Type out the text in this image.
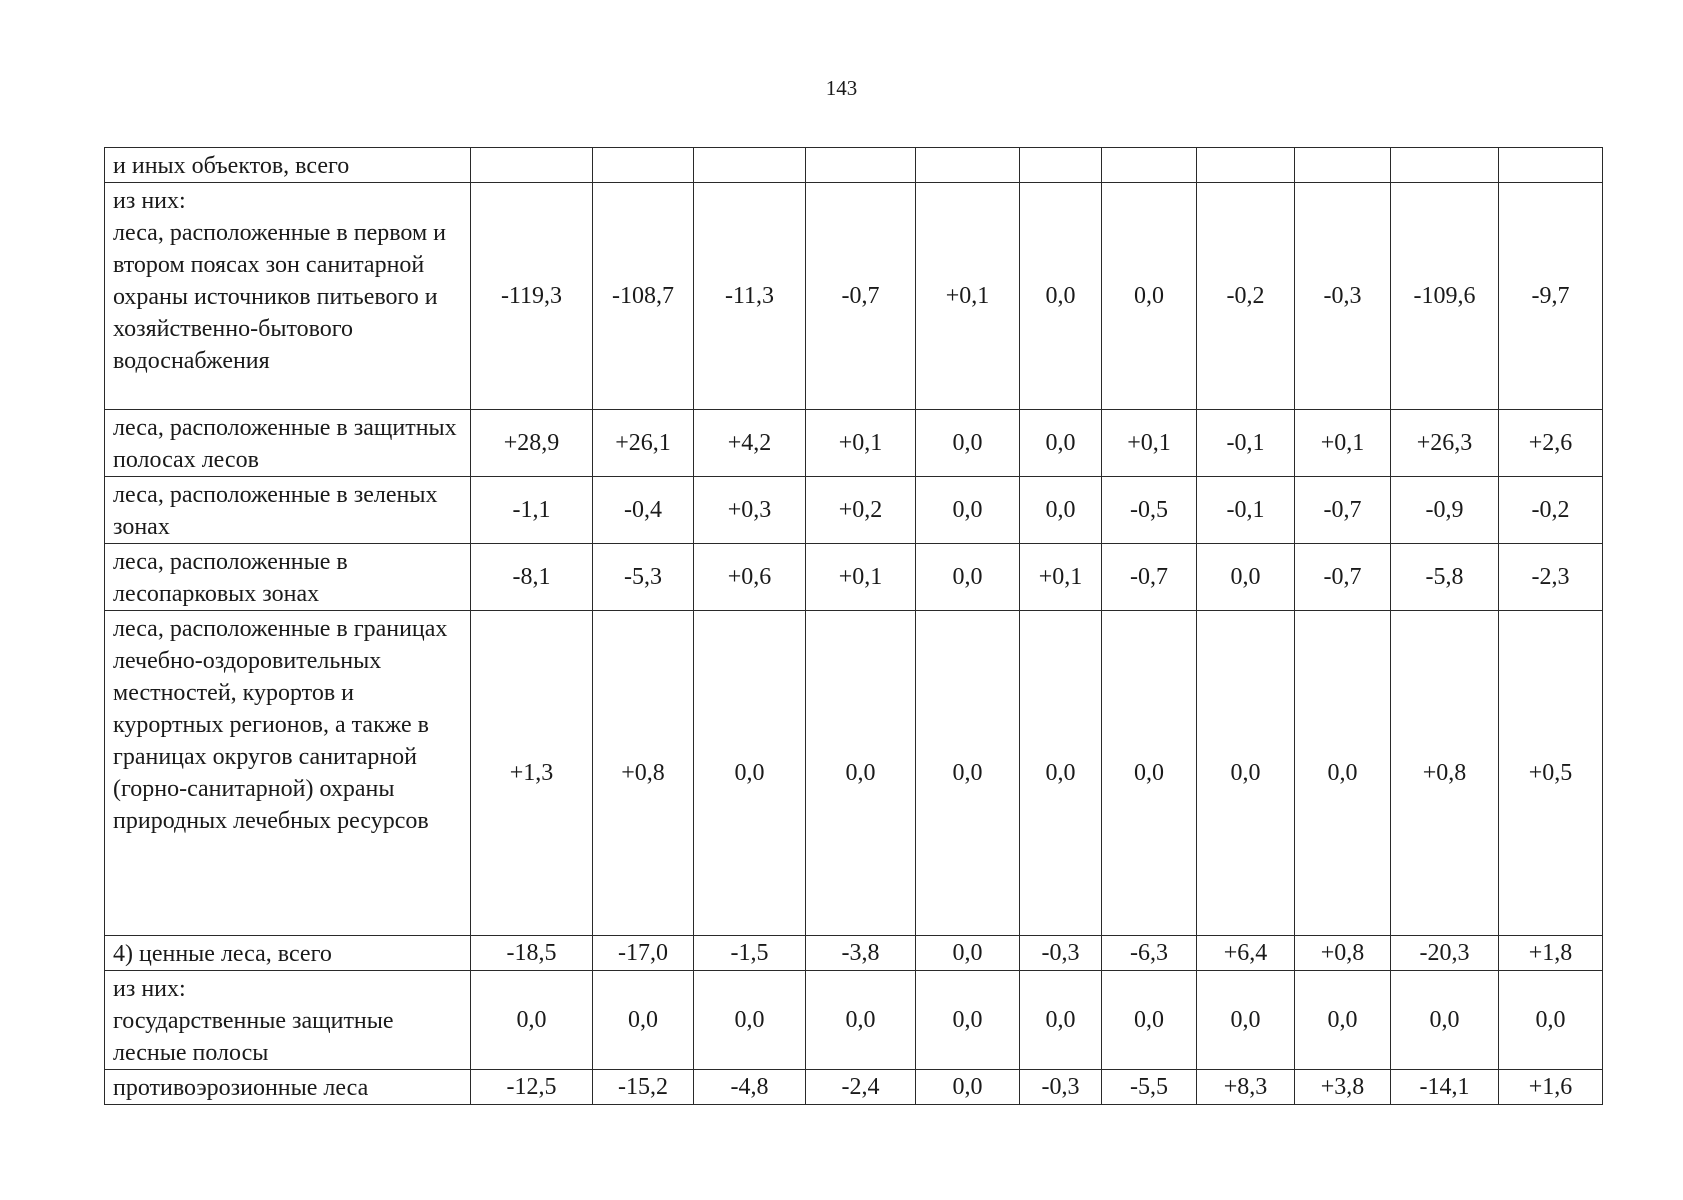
143
и иных объектов, всего											
из них:
леса, расположенные в первом и втором поясах зон санитарной охраны источников питьевого и хозяйственно-бытового водоснабжения	-119,3	-108,7	-11,3	-0,7	+0,1	0,0	0,0	-0,2	-0,3	-109,6	-9,7
леса, расположенные в защитных полосах лесов	+28,9	+26,1	+4,2	+0,1	0,0	0,0	+0,1	-0,1	+0,1	+26,3	+2,6
леса, расположенные в зеленых зонах	-1,1	-0,4	+0,3	+0,2	0,0	0,0	-0,5	-0,1	-0,7	-0,9	-0,2
леса, расположенные в лесопарковых зонах	-8,1	-5,3	+0,6	+0,1	0,0	+0,1	-0,7	0,0	-0,7	-5,8	-2,3
леса, расположенные в границах лечебно-оздоровительных местностей, курортов и курортных регионов, а также в границах округов санитарной (горно-санитарной) охраны природных лечебных ресурсов	+1,3	+0,8	0,0	0,0	0,0	0,0	0,0	0,0	0,0	+0,8	+0,5
4) ценные леса, всего	-18,5	-17,0	-1,5	-3,8	0,0	-0,3	-6,3	+6,4	+0,8	-20,3	+1,8
из них:
государственные защитные лесные полосы	0,0	0,0	0,0	0,0	0,0	0,0	0,0	0,0	0,0	0,0	0,0
противоэрозионные леса	-12,5	-15,2	-4,8	-2,4	0,0	-0,3	-5,5	+8,3	+3,8	-14,1	+1,6
